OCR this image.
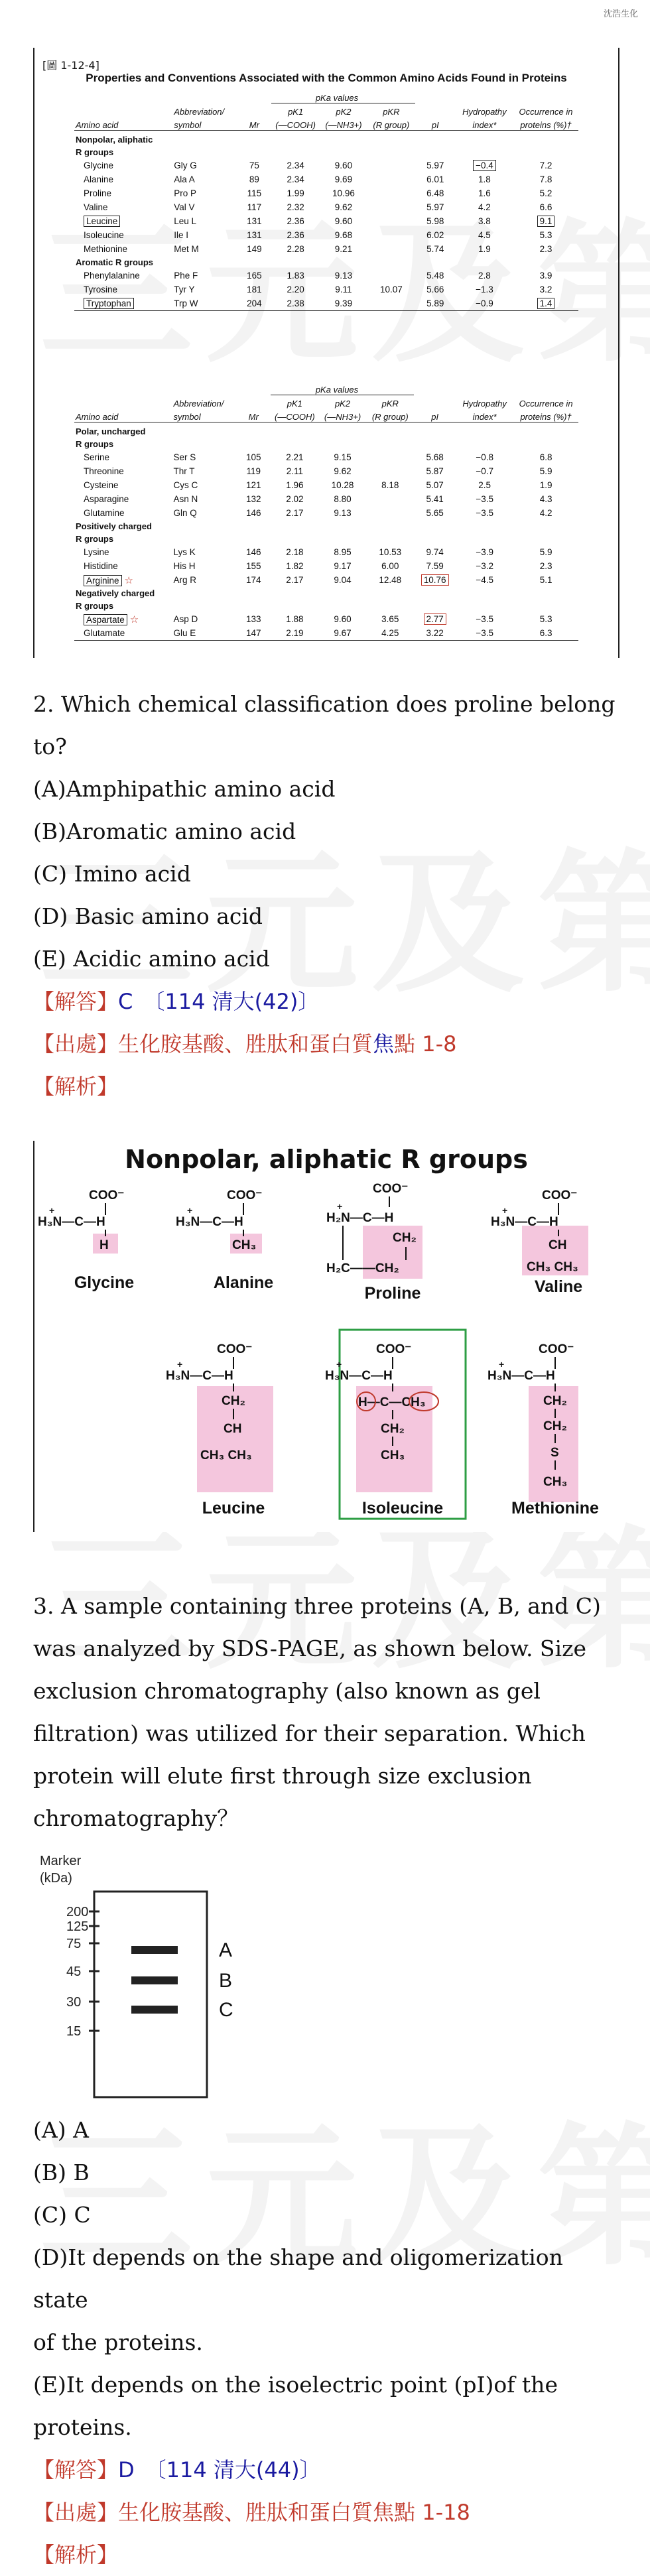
沈浩生化
[圖 1-12-4]
Properties and Conventions Associated with the Common Amino Acids Found in Proteins
pKa values
	Abbreviation/		pK1	pK2	pKR		Hydropathy	Occurrence in
Amino acid	symbol	Mr	(—COOH)	(—NH3+)	(R group)	pI	index*	proteins (%)†

Nonpolar, aliphatic								
R groups								
Glycine	Gly G	75	2.34	9.60		5.97	−0.4	7.2
Alanine	Ala A	89	2.34	9.69		6.01	1.8	7.8
Proline	Pro P	115	1.99	10.96		6.48	1.6	5.2
Valine	Val V	117	2.32	9.62		5.97	4.2	6.6
Leucine	Leu L	131	2.36	9.60		5.98	3.8	9.1
Isoleucine	Ile I	131	2.36	9.68		6.02	4.5	5.3
Methionine	Met M	149	2.28	9.21		5.74	1.9	2.3
Aromatic R groups								
Phenylalanine	Phe F	165	1.83	9.13		5.48	2.8	3.9
Tyrosine	Tyr Y	181	2.20	9.11	10.07	5.66	−1.3	3.2
Tryptophan	Trp W	204	2.38	9.39		5.89	−0.9	1.4

pKa values
	Abbreviation/		pK1	pK2	pKR		Hydropathy	Occurrence in
Amino acid	symbol	Mr	(—COOH)	(—NH3+)	(R group)	pI	index*	proteins (%)†

Polar, uncharged								
R groups								
Serine	Ser S	105	2.21	9.15		5.68	−0.8	6.8
Threonine	Thr T	119	2.11	9.62		5.87	−0.7	5.9
Cysteine	Cys C	121	1.96	10.28	8.18	5.07	2.5	1.9
Asparagine	Asn N	132	2.02	8.80		5.41	−3.5	4.3
Glutamine	Gln Q	146	2.17	9.13		5.65	−3.5	4.2
Positively charged								
R groups								
Lysine	Lys K	146	2.18	8.95	10.53	9.74	−3.9	5.9
Histidine	His H	155	1.82	9.17	6.00	7.59	−3.2	2.3
Arginine ☆	Arg R	174	2.17	9.04	12.48	10.76	−4.5	5.1
Negatively charged								
R groups								
Aspartate ☆	Asp D	133	1.88	9.60	3.65	2.77	−3.5	5.3
Glutamate	Glu E	147	2.19	9.67	4.25	3.22	−3.5	6.3

2. Which chemical classification does proline belong

to?

(A)Amphipathic amino acid

(B)Aromatic amino acid

(C) Imino acid

(D) Basic amino acid

(E) Acidic amino acid

【解答】C　〔114 清大(42)〕

【出處】生化胺基酸、胜肽和蛋白質焦點 1-8

【解析】

Nonpolar, aliphatic R groups
COO⁻
H₃N—C—H
+
H
COO⁻
H₃N—C—H
+
CH₃
COO⁻
H₂N—C—H
+
CH₂
H₂C——CH₂
COO⁻
H₃N—C—H
+
CH
CH₃ CH₃
COO⁻
H₃N—C—H
+
CH₂
CH
CH₃ CH₃
COO⁻
H₃N—C—H
+
H—C—CH₃
CH₂
CH₃
COO⁻
H₃N—C—H
+
CH₂
CH₂
S
CH₃
Glycine	Alanine
Proline	Valine
Leucine	Isoleucine	Methionine

3. A sample containing three proteins (A, B, and C)

was analyzed by SDS-PAGE, as shown below. Size

exclusion chromatography (also known as gel

filtration) was utilized for their separation. Which

protein will elute first through size exclusion

chromatography？

Marker
(kDa)
200
125
75
45
30
15
A
B
C

(A) A

(B) B

(C) C

(D)It depends on the shape and oligomerization state

of the proteins.

(E)It depends on the isoelectric point (pI)of the

proteins.

【解答】D　〔114 清大(44)〕

【出處】生化胺基酸、胜肽和蛋白質焦點 1-18

【解析】
